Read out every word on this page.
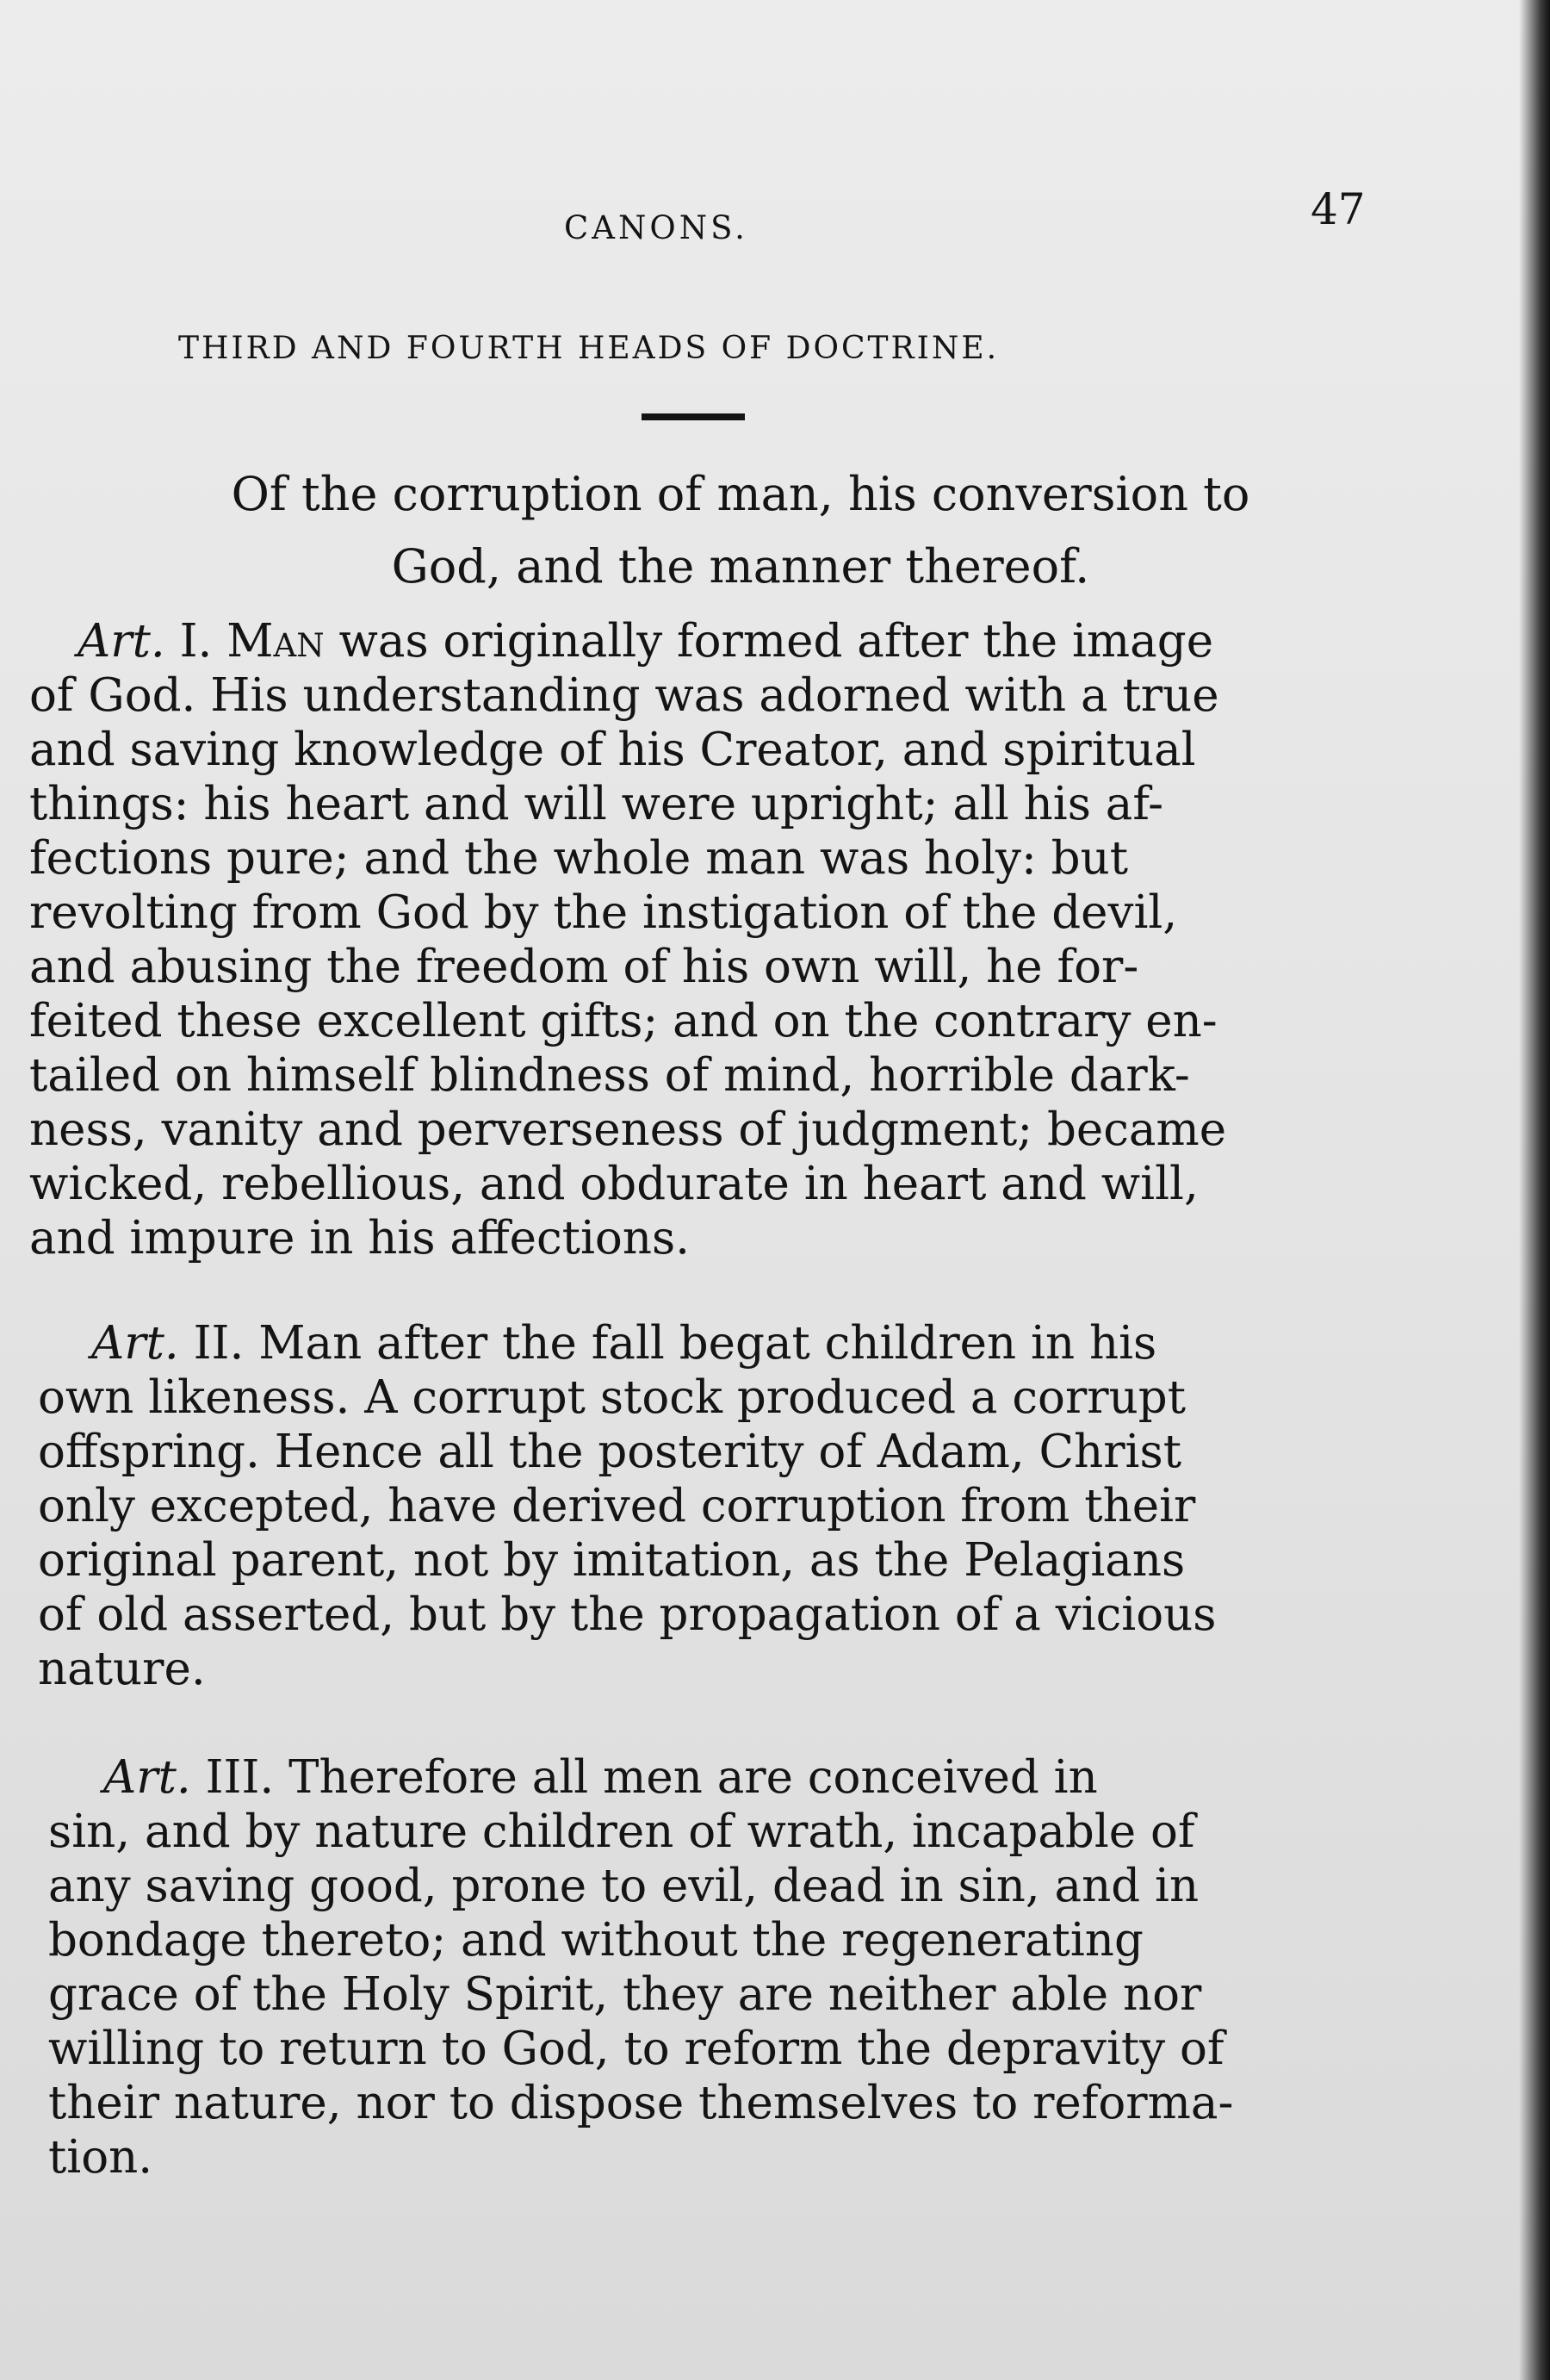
CANONS.	47
THIRD AND FOURTH HEADS OF DOCTRINE.
Of the corruption of man, his conversion to
God, and the manner thereof.
Art. I. Man was originally formed after the image
of God. His understanding was adorned with a true
and saving knowledge of his Creator, and spiritual
things: his heart and will were upright; all his af-
fections pure; and the whole man was holy: but
revolting from God by the instigation of the devil,
and abusing the freedom of his own will, he for-
feited these excellent gifts; and on the contrary en-
tailed on himself blindness of mind, horrible dark-
ness, vanity and perverseness of judgment; became
wicked, rebellious, and obdurate in heart and will,
and impure in his affections.
Art. II. Man after the fall begat children in his
own likeness. A corrupt stock produced a corrupt
offspring. Hence all the posterity of Adam, Christ
only excepted, have derived corruption from their
original parent, not by imitation, as the Pelagians
of old asserted, but by the propagation of a vicious
nature.
Art. III. Therefore all men are conceived in
sin, and by nature children of wrath, incapable of
any saving good, prone to evil, dead in sin, and in
bondage thereto; and without the regenerating
grace of the Holy Spirit, they are neither able nor
willing to return to God, to reform the depravity of
their nature, nor to dispose themselves to reforma-
tion.
